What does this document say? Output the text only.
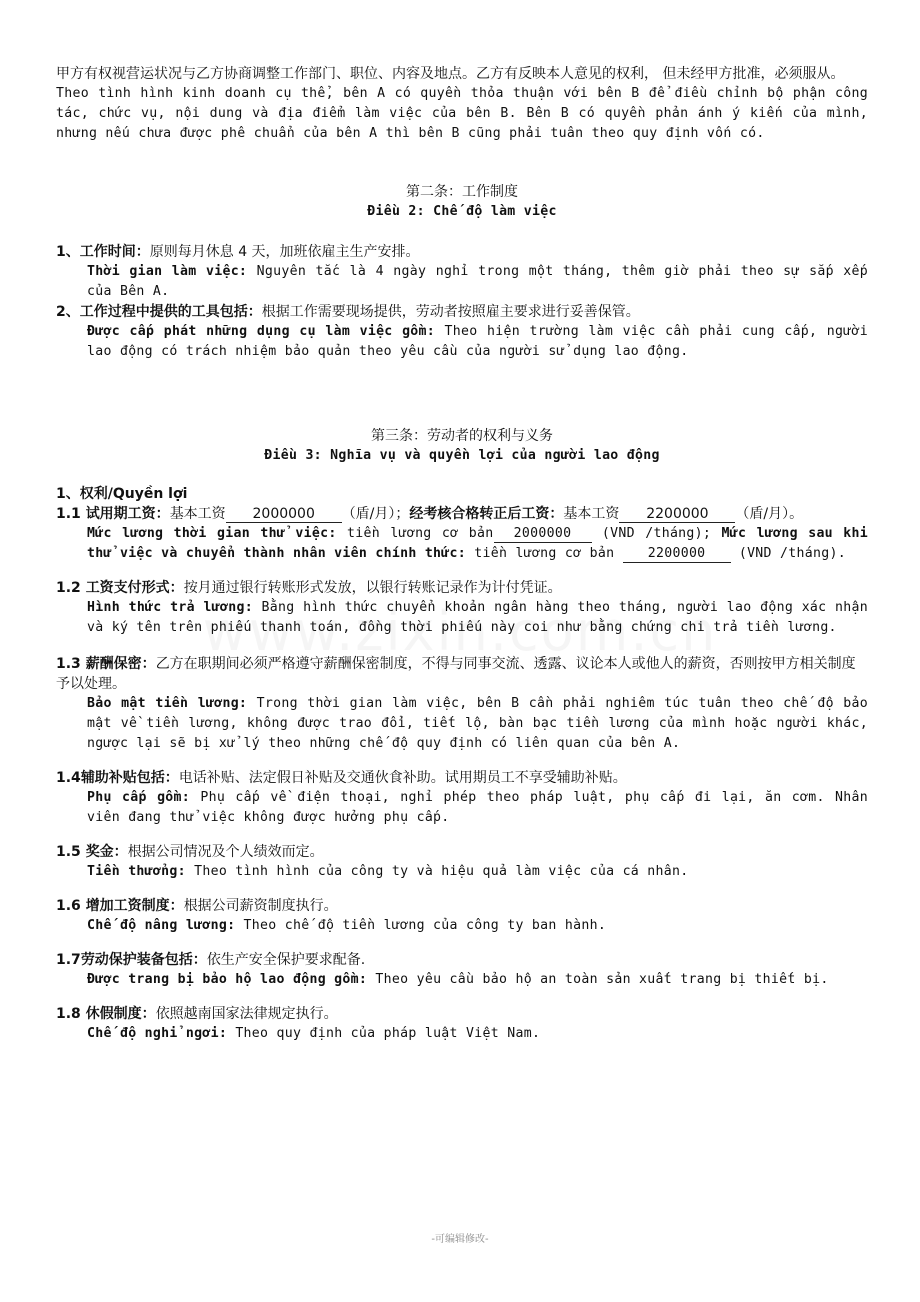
甲方有权视营运状况与乙方协商调整工作部门、职位、内容及地点。乙方有反映本人意见的权利， 但未经甲方批准，必须服从。

Theo tình hình kinh doanh cụ thể, bên A có quyền thỏa thuận với bên B để điều chỉnh bộ phận công tác, chức vụ, nội dung và địa điểm làm việc của bên B. Bên B có quyền phản ánh ý kiến của mình, nhưng nếu chưa được phê chuẩn của bên A thì bên B cũng phải tuân theo quy định vốn có.

第二条：工作制度

Điều 2: Chế độ làm việc

1、工作时间：原则每月休息 4 天，加班依雇主生产安排。

Thời gian làm việc: Nguyên tắc là 4 ngày nghỉ trong một tháng, thêm giờ phải theo sự sắp xếp của Bên A.

2、工作过程中提供的工具包括：根据工作需要现场提供，劳动者按照雇主要求进行妥善保管。

Được cấp phát những dụng cụ làm việc gồm: Theo hiện trường làm việc cần phải cung cấp, người lao động có trách nhiệm bảo quản theo yêu cầu của người sử dụng lao động.

第三条：劳动者的权利与义务

Điều 3: Nghĩa vụ và quyền lợi của người lao động

1、权利/Quyền lợi

1.1 试用期工资：基本工资 2000000 （盾/月）；经考核合格转正后工资：基本工资 2200000 （盾/月）。

Mức lương thời gian thử việc: tiền lương cơ bản 2000000 (VND /tháng); Mức lương sau khi thử việc và chuyển thành nhân viên chính thức: tiền lương cơ bản 2200000 (VND /tháng).

1.2 工资支付形式：按月通过银行转账形式发放，以银行转账记录作为计付凭证。

Hình thức trả lương: Bằng hình thức chuyển khoản ngân hàng theo tháng, người lao động xác nhận và ký tên trên phiếu thanh toán, đồng thời phiếu này coi như bằng chứng chi trả tiền lương.

1.3 薪酬保密：乙方在职期间必须严格遵守薪酬保密制度，不得与同事交流、透露、议论本人或他人的薪资，否则按甲方相关制度予以处理。

Bảo mật tiền lương: Trong thời gian làm việc, bên B cần phải nghiêm túc tuân theo chế độ bảo mật về tiền lương, không được trao đổi, tiết lộ, bàn bạc tiền lương của mình hoặc người khác, ngược lại sẽ bị xử lý theo những chế độ quy định có liên quan của bên A.

1.4辅助补贴包括：电话补贴、法定假日补贴及交通伙食补助。试用期员工不享受辅助补贴。

Phụ cấp gồm: Phụ cấp về điện thoại, nghỉ phép theo pháp luật, phụ cấp đi lại, ăn cơm. Nhân viên đang thử việc không được hưởng phụ cấp.

1.5 奖金：根据公司情况及个人绩效而定。

Tiền thưởng: Theo tình hình của công ty và hiệu quả làm việc của cá nhân.

1.6 增加工资制度：根据公司薪资制度执行。

Chế độ nâng lương: Theo chế độ tiền lương của công ty ban hành.

1.7劳动保护装备包括：依生产安全保护要求配备.

Được trang bị bảo hộ lao động gồm: Theo yêu cầu bảo hộ an toàn sản xuất trang bị thiết bị.

1.8 休假制度：依照越南国家法律规定执行。

Chế độ nghỉ ngơi: Theo quy định của pháp luật Việt Nam.

-可编辑修改-
